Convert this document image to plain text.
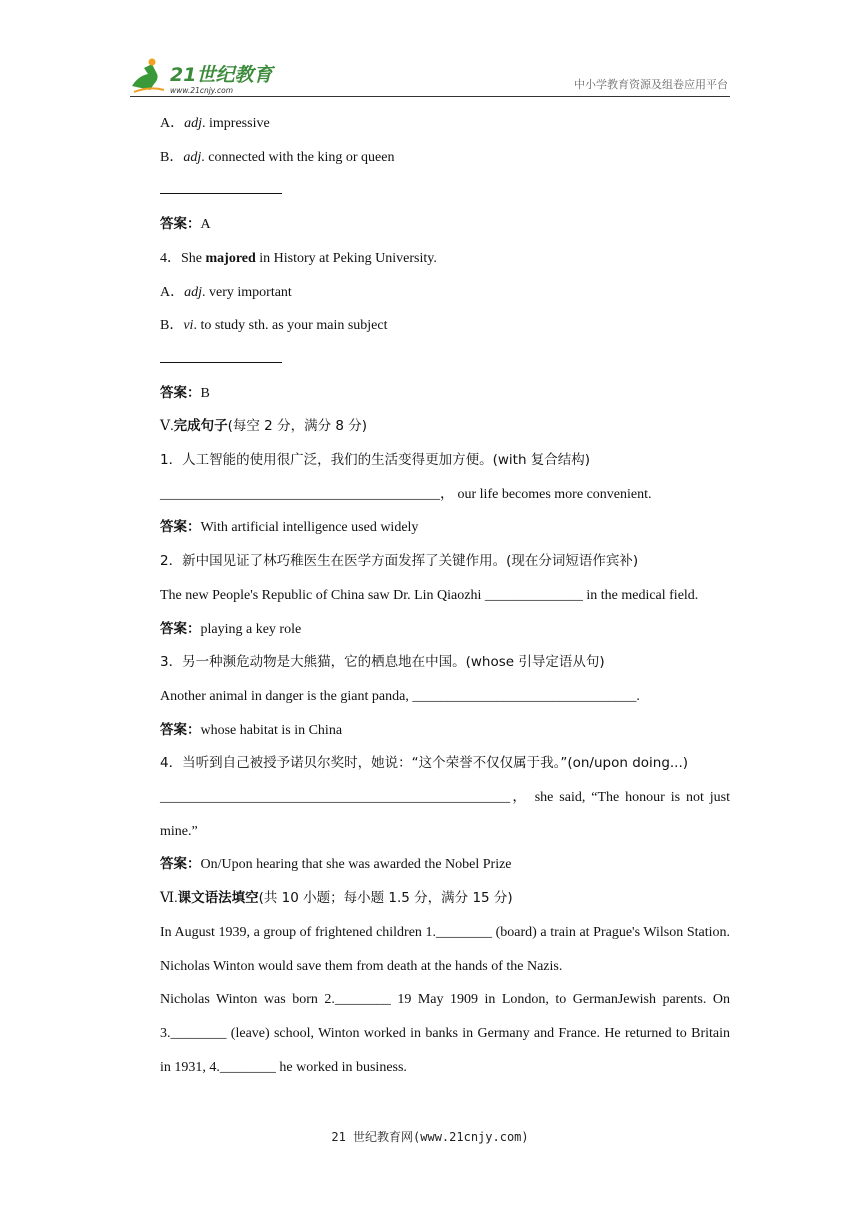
21世纪教育
www.21cnjy.com	中小学教育资源及组卷应用平台
A．adj. impressive
B．adj. connected with the king or queen
答案：A
4．She majored in History at Peking University.
A．adj. very important
B．vi. to study sth. as your main subject
答案：B
Ⅴ.完成句子(每空 2 分，满分 8 分)
1．人工智能的使用很广泛，我们的生活变得更加方便。(with 复合结构)
________________________________________， our life becomes more convenient.
答案：With artificial intelligence used widely
2．新中国见证了林巧稚医生在医学方面发挥了关键作用。(现在分词短语作宾补)
The new People's Republic of China saw Dr. Lin Qiaozhi ______________ in the medical field.
答案：playing a key role
3．另一种濒危动物是大熊猫，它的栖息地在中国。(whose 引导定语从句)
Another animal in danger is the giant panda, ________________________________.
答案：whose habitat is in China
4．当听到自己被授予诺贝尔奖时，她说：“这个荣誉不仅仅属于我。”(on/upon doing...)
__________________________________________________， she said, “The honour is not just mine.”
答案：On/Upon hearing that she was awarded the Nobel Prize
Ⅵ.课文语法填空(共 10 小题；每小题 1.5 分，满分 15 分)
In August 1939, a group of frightened children 1.________ (board) a train at Prague's Wilson Station. Nicholas Winton would save them from death at the hands of the Nazis.
Nicholas Winton was born 2.________ 19 May 1909 in London, to GermanJewish parents. On 3.________ (leave) school, Winton worked in banks in Germany and France. He returned to Britain in 1931, 4.________ he worked in business.
21 世纪教育网(www.21cnjy.com)
